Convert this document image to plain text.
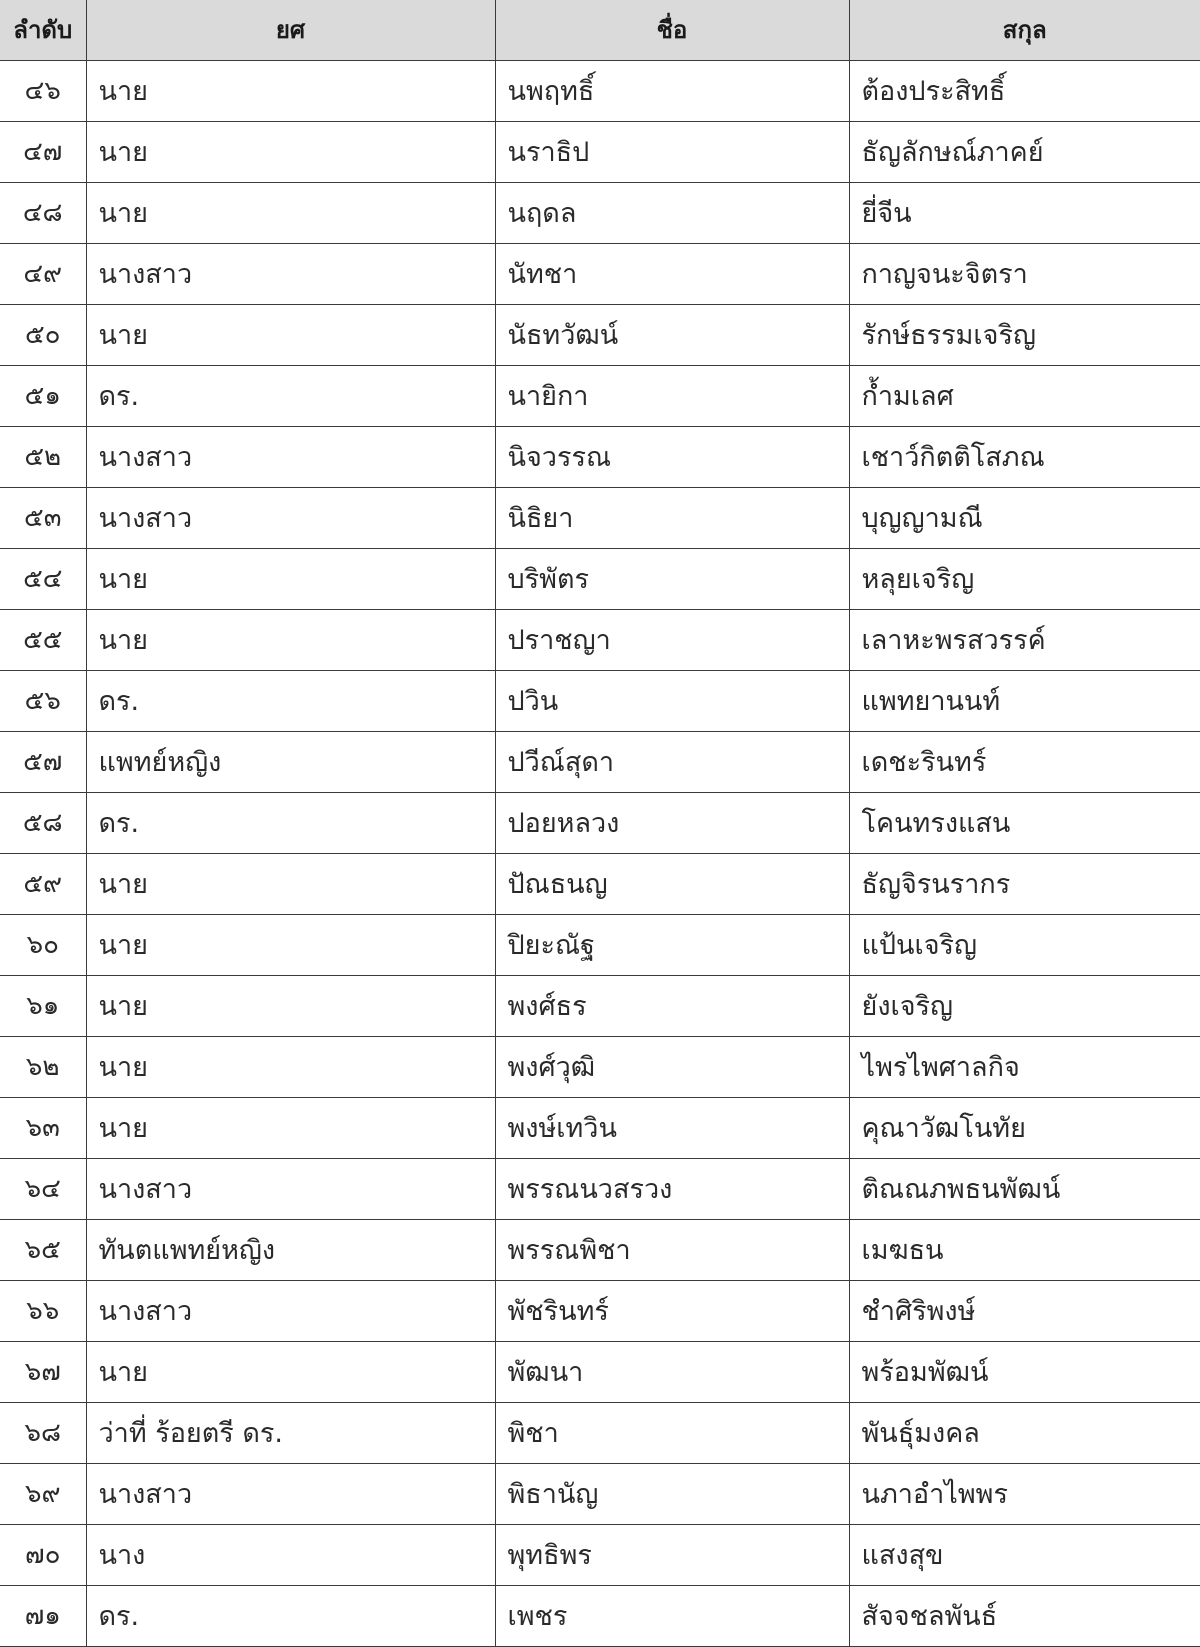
ลำดับ	ยศ	ชื่อ	สกุล
๔๖	นาย	นพฤทธิ์	ต้องประสิทธิ์
๔๗	นาย	นราธิป	ธัญลักษณ์ภาคย์
๔๘	นาย	นฤดล	ยี่จีน
๔๙	นางสาว	นัทชา	กาญจนะจิตรา
๕๐	นาย	นัธทวัฒน์	รักษ์ธรรมเจริญ
๕๑	ดร.	นายิกา	ก้ำมเลศ
๕๒	นางสาว	นิจวรรณ	เชาว์กิตติโสภณ
๕๓	นางสาว	นิธิยา	บุญญามณี
๕๔	นาย	บริพัตร	หลุยเจริญ
๕๕	นาย	ปราชญา	เลาหะพรสวรรค์
๕๖	ดร.	ปวิน	แพทยานนท์
๕๗	แพทย์หญิง	ปวีณ์สุดา	เดชะรินทร์
๕๘	ดร.	ปอยหลวง	โคนทรงแสน
๕๙	นาย	ปัณธนญ	ธัญจิรนรากร
๖๐	นาย	ปิยะณัฐ	แป้นเจริญ
๖๑	นาย	พงศ์ธร	ยังเจริญ
๖๒	นาย	พงศ์วุฒิ	ไพรไพศาลกิจ
๖๓	นาย	พงษ์เทวิน	คุณาวัฒโนทัย
๖๔	นางสาว	พรรณนวสรวง	ติณณภพธนพัฒน์
๖๕	ทันตแพทย์หญิง	พรรณพิชา	เมฆธน
๖๖	นางสาว	พัชรินทร์	ชำศิริพงษ์
๖๗	นาย	พัฒนา	พร้อมพัฒน์
๖๘	ว่าที่ ร้อยตรี ดร.	พิชา	พันธุ์มงคล
๖๙	นางสาว	พิธานัญ	นภาอำไพพร
๗๐	นาง	พุทธิพร	แสงสุข
๗๑	ดร.	เพชร	สัจจชลพันธ์
